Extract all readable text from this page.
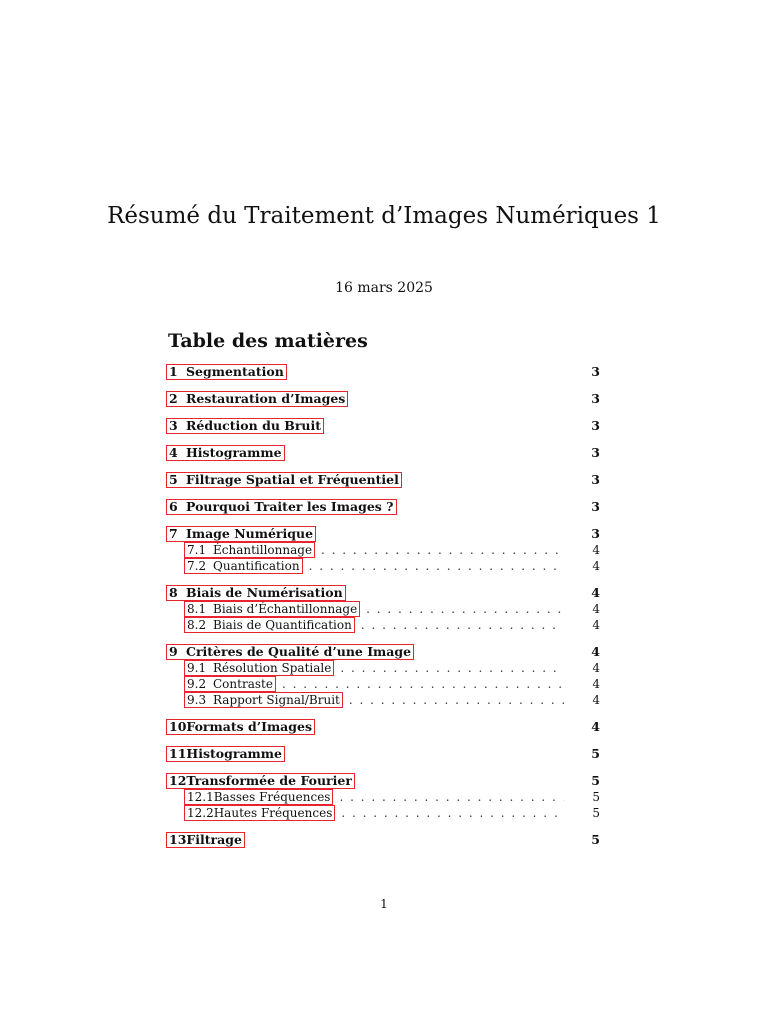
Résumé du Traitement d’Images Numériques 1
16 mars 2025
Table des matières
1 Segmentation	3
2 Restauration d’Images	3
3 Réduction du Bruit	3
4 Histogramme	3
5 Filtrage Spatial et Fréquentiel	3
6 Pourquoi Traiter les Images ?	3
7 Image Numérique	3
7.1 Échantillonnage . . .	4
7.2 Quantification . . .	4
8 Biais de Numérisation	4
8.1 Biais d’Échantillonnage . . .	4
8.2 Biais de Quantification . . .	4
9 Critères de Qualité d’une Image	4
9.1 Résolution Spatiale . . .	4
9.2 Contraste . . .	4
9.3 Rapport Signal/Bruit . . .	4
10Formats d’Images	4
11Histogramme	5
12Transformée de Fourier	5
12.1Basses Fréquences . . .	5
12.2Hautes Fréquences . . .	5
13Filtrage	5
1
